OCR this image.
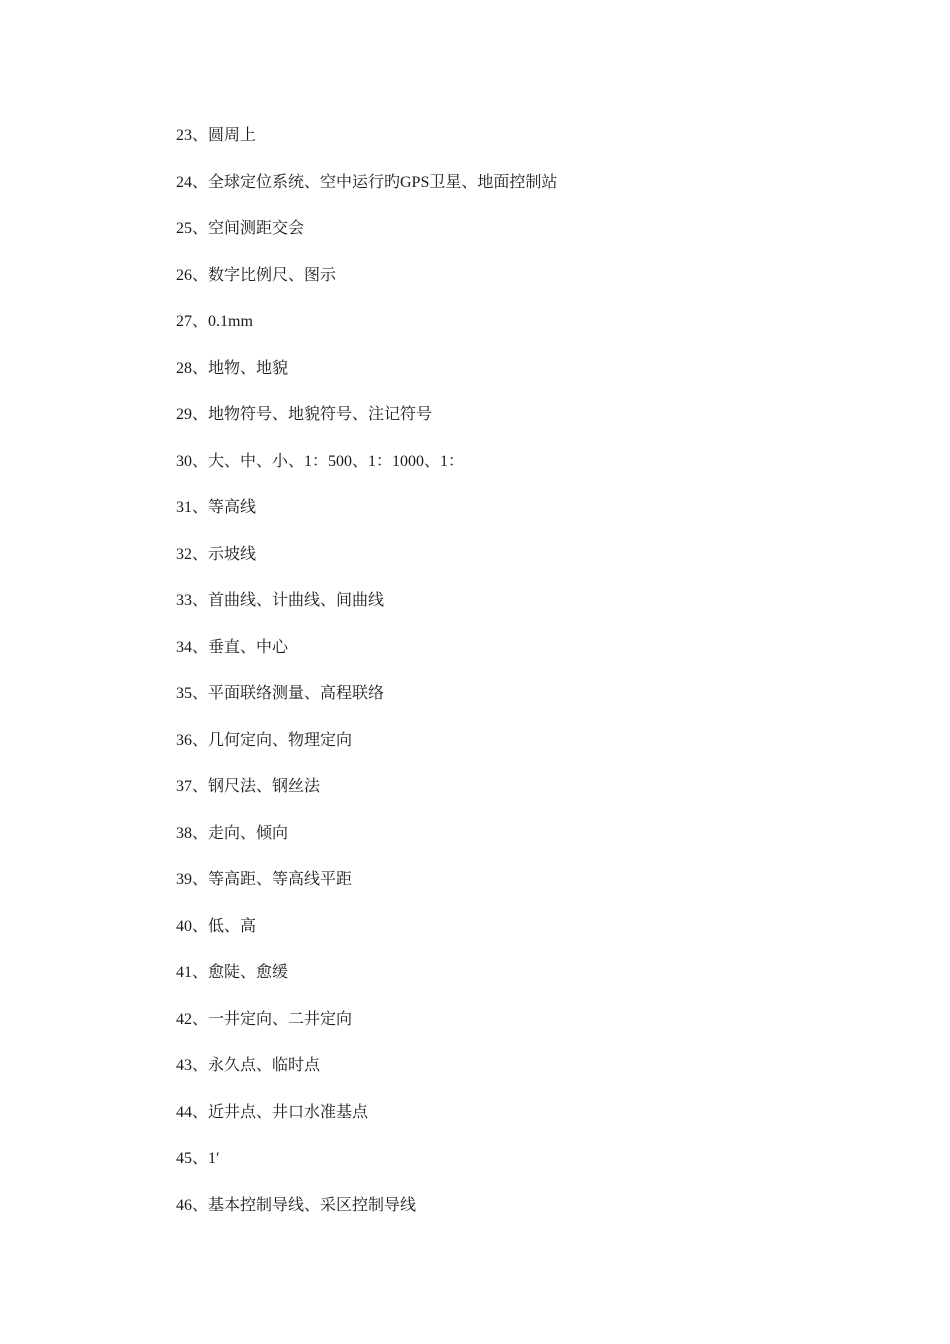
23、圆周上
24、全球定位系统、空中运行旳GPS卫星、地面控制站
25、空间测距交会
26、数字比例尺、图示
27、0.1mm
28、地物、地貌
29、地物符号、地貌符号、注记符号
30、大、中、小、1：500、1：1000、1：
31、等高线
32、示坡线
33、首曲线、计曲线、间曲线
34、垂直、中心
35、平面联络测量、高程联络
36、几何定向、物理定向
37、钢尺法、钢丝法
38、走向、倾向
39、等高距、等高线平距
40、低、高
41、愈陡、愈缓
42、一井定向、二井定向
43、永久点、临时点
44、近井点、井口水准基点
45、1′
46、基本控制导线、采区控制导线
